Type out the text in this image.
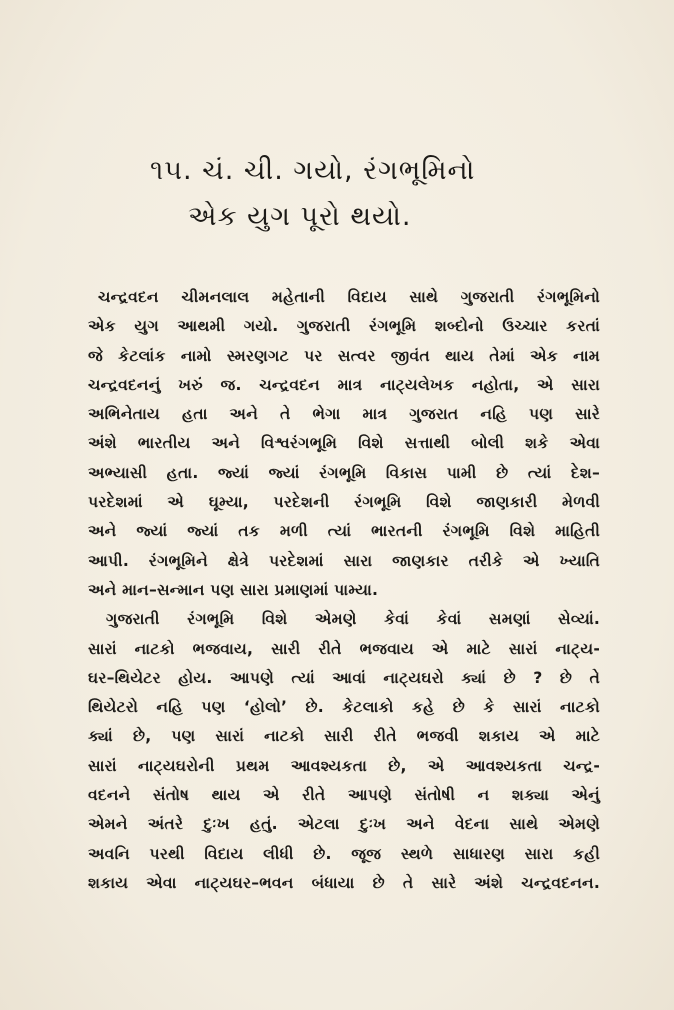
૧૫. ચં. ચી. ગયો, રંગભૂમિનો
એક યુગ પૂરો થયો.
ચન્દ્રવદન ચીમનલાલ મહેતાની વિદાય સાથે ગુજરાતી રંગભૂમિનો
એક યુગ આથમી ગયો. ગુજરાતી રંગભૂમિ શબ્દોનો ઉચ્ચાર કરતાં
જે કેટલાંક નામો સ્મરણગટ પર સત્વર જીવંત થાય તેમાં એક નામ
ચન્દ્રવદનનું ખરું જ. ચન્દ્રવદન માત્ર નાટ્યલેખક નહોતા, એ સારા
અભિનેતાય હતા અને તે ભેગા માત્ર ગુજરાત નહિ પણ સારે
અંશે ભારતીય અને વિશ્વરંગભૂમિ વિશે સત્તાથી બોલી શકે એવા
અભ્યાસી હતા. જ્યાં જ્યાં રંગભૂમિ વિકાસ પામી છે ત્યાં દેશ–
પરદેશમાં એ ઘૂમ્યા, પરદેશની રંગભૂમિ વિશે જાણકારી મેળવી
અને જ્યાં જ્યાં તક મળી ત્યાં ભારતની રંગભૂમિ વિશે માહિતી
આપી. રંગભૂમિને ક્ષેત્રે પરદેશમાં સારા જાણકાર તરીકે એ ખ્યાતિ
અને માન–સન્માન પણ સારા પ્રમાણમાં પામ્યા.
ગુજરાતી રંગભૂમિ વિશે એમણે કેવાં કેવાં સમણાં સેવ્યાં.
સારાં નાટકો ભજવાય, સારી રીતે ભજવાય એ માટે સારાં નાટ્ય-
ઘર–થિયેટર હોય. આપણે ત્યાં આવાં નાટ્યઘરો ક્યાં છે ? છે તે
થિયેટરો નહિ પણ ‘હોલો’ છે. કેટલાકો કહે છે કે સારાં નાટકો
ક્યાં છે, પણ સારાં નાટકો સારી રીતે ભજવી શકાય એ માટે
સારાં નાટ્યઘરોની પ્રથમ આવશ્યકતા છે, એ આવશ્યકતા ચન્દ્ર-
વદનને સંતોષ થાય એ રીતે આપણે સંતોષી ન શક્યા એનું
એમને અંતરે દુઃખ હતું. એટલા દુઃખ અને વેદના સાથે એમણે
અવનિ પરથી વિદાય લીધી છે. જૂજ સ્થળે સાધારણ સારા કહી
શકાય એવા નાટ્યઘર–ભવન બંધાયા છે તે સારે અંશે ચન્દ્રવદનન.
